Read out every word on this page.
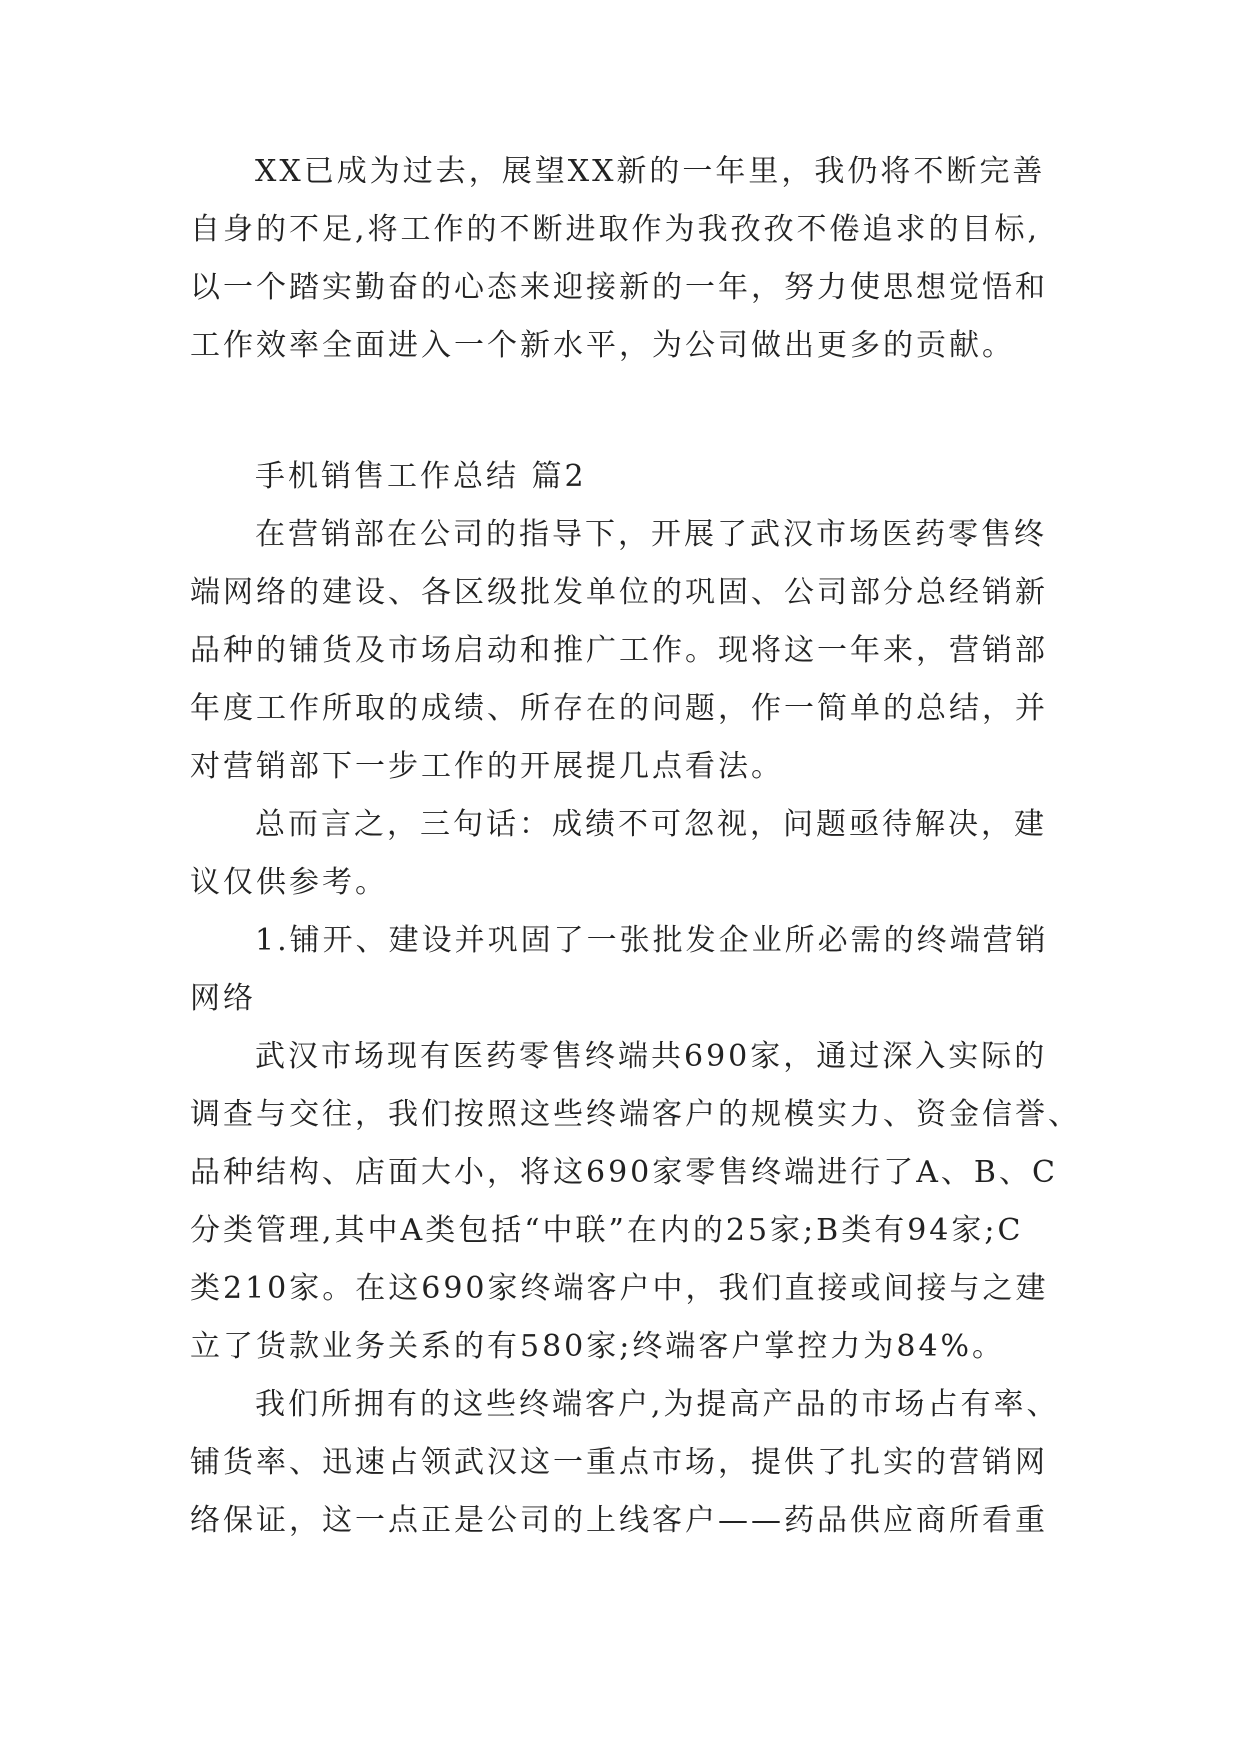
XX已成为过去，展望XX新的一年里，我仍将不断完善
自身的不足,将工作的不断进取作为我孜孜不倦追求的目标,
以一个踏实勤奋的心态来迎接新的一年，努力使思想觉悟和
工作效率全面进入一个新水平，为公司做出更多的贡献。
手机销售工作总结 篇2
在营销部在公司的指导下，开展了武汉市场医药零售终
端网络的建设、各区级批发单位的巩固、公司部分总经销新
品种的铺货及市场启动和推广工作。现将这一年来，营销部
年度工作所取的成绩、所存在的问题，作一简单的总结，并
对营销部下一步工作的开展提几点看法。
总而言之，三句话：成绩不可忽视，问题亟待解决，建
议仅供参考。
1.铺开、建设并巩固了一张批发企业所必需的终端营销
网络
武汉市场现有医药零售终端共690家，通过深入实际的
调查与交往，我们按照这些终端客户的规模实力、资金信誉、
品种结构、店面大小，将这690家零售终端进行了A、B、C
分类管理,其中A类包括“中联”在内的25家;B类有94家;C
类210家。在这690家终端客户中，我们直接或间接与之建
立了货款业务关系的有580家;终端客户掌控力为84%。
我们所拥有的这些终端客户,为提高产品的市场占有率、
铺货率、迅速占领武汉这一重点市场，提供了扎实的营销网
络保证，这一点正是公司的上线客户——药品供应商所看重
